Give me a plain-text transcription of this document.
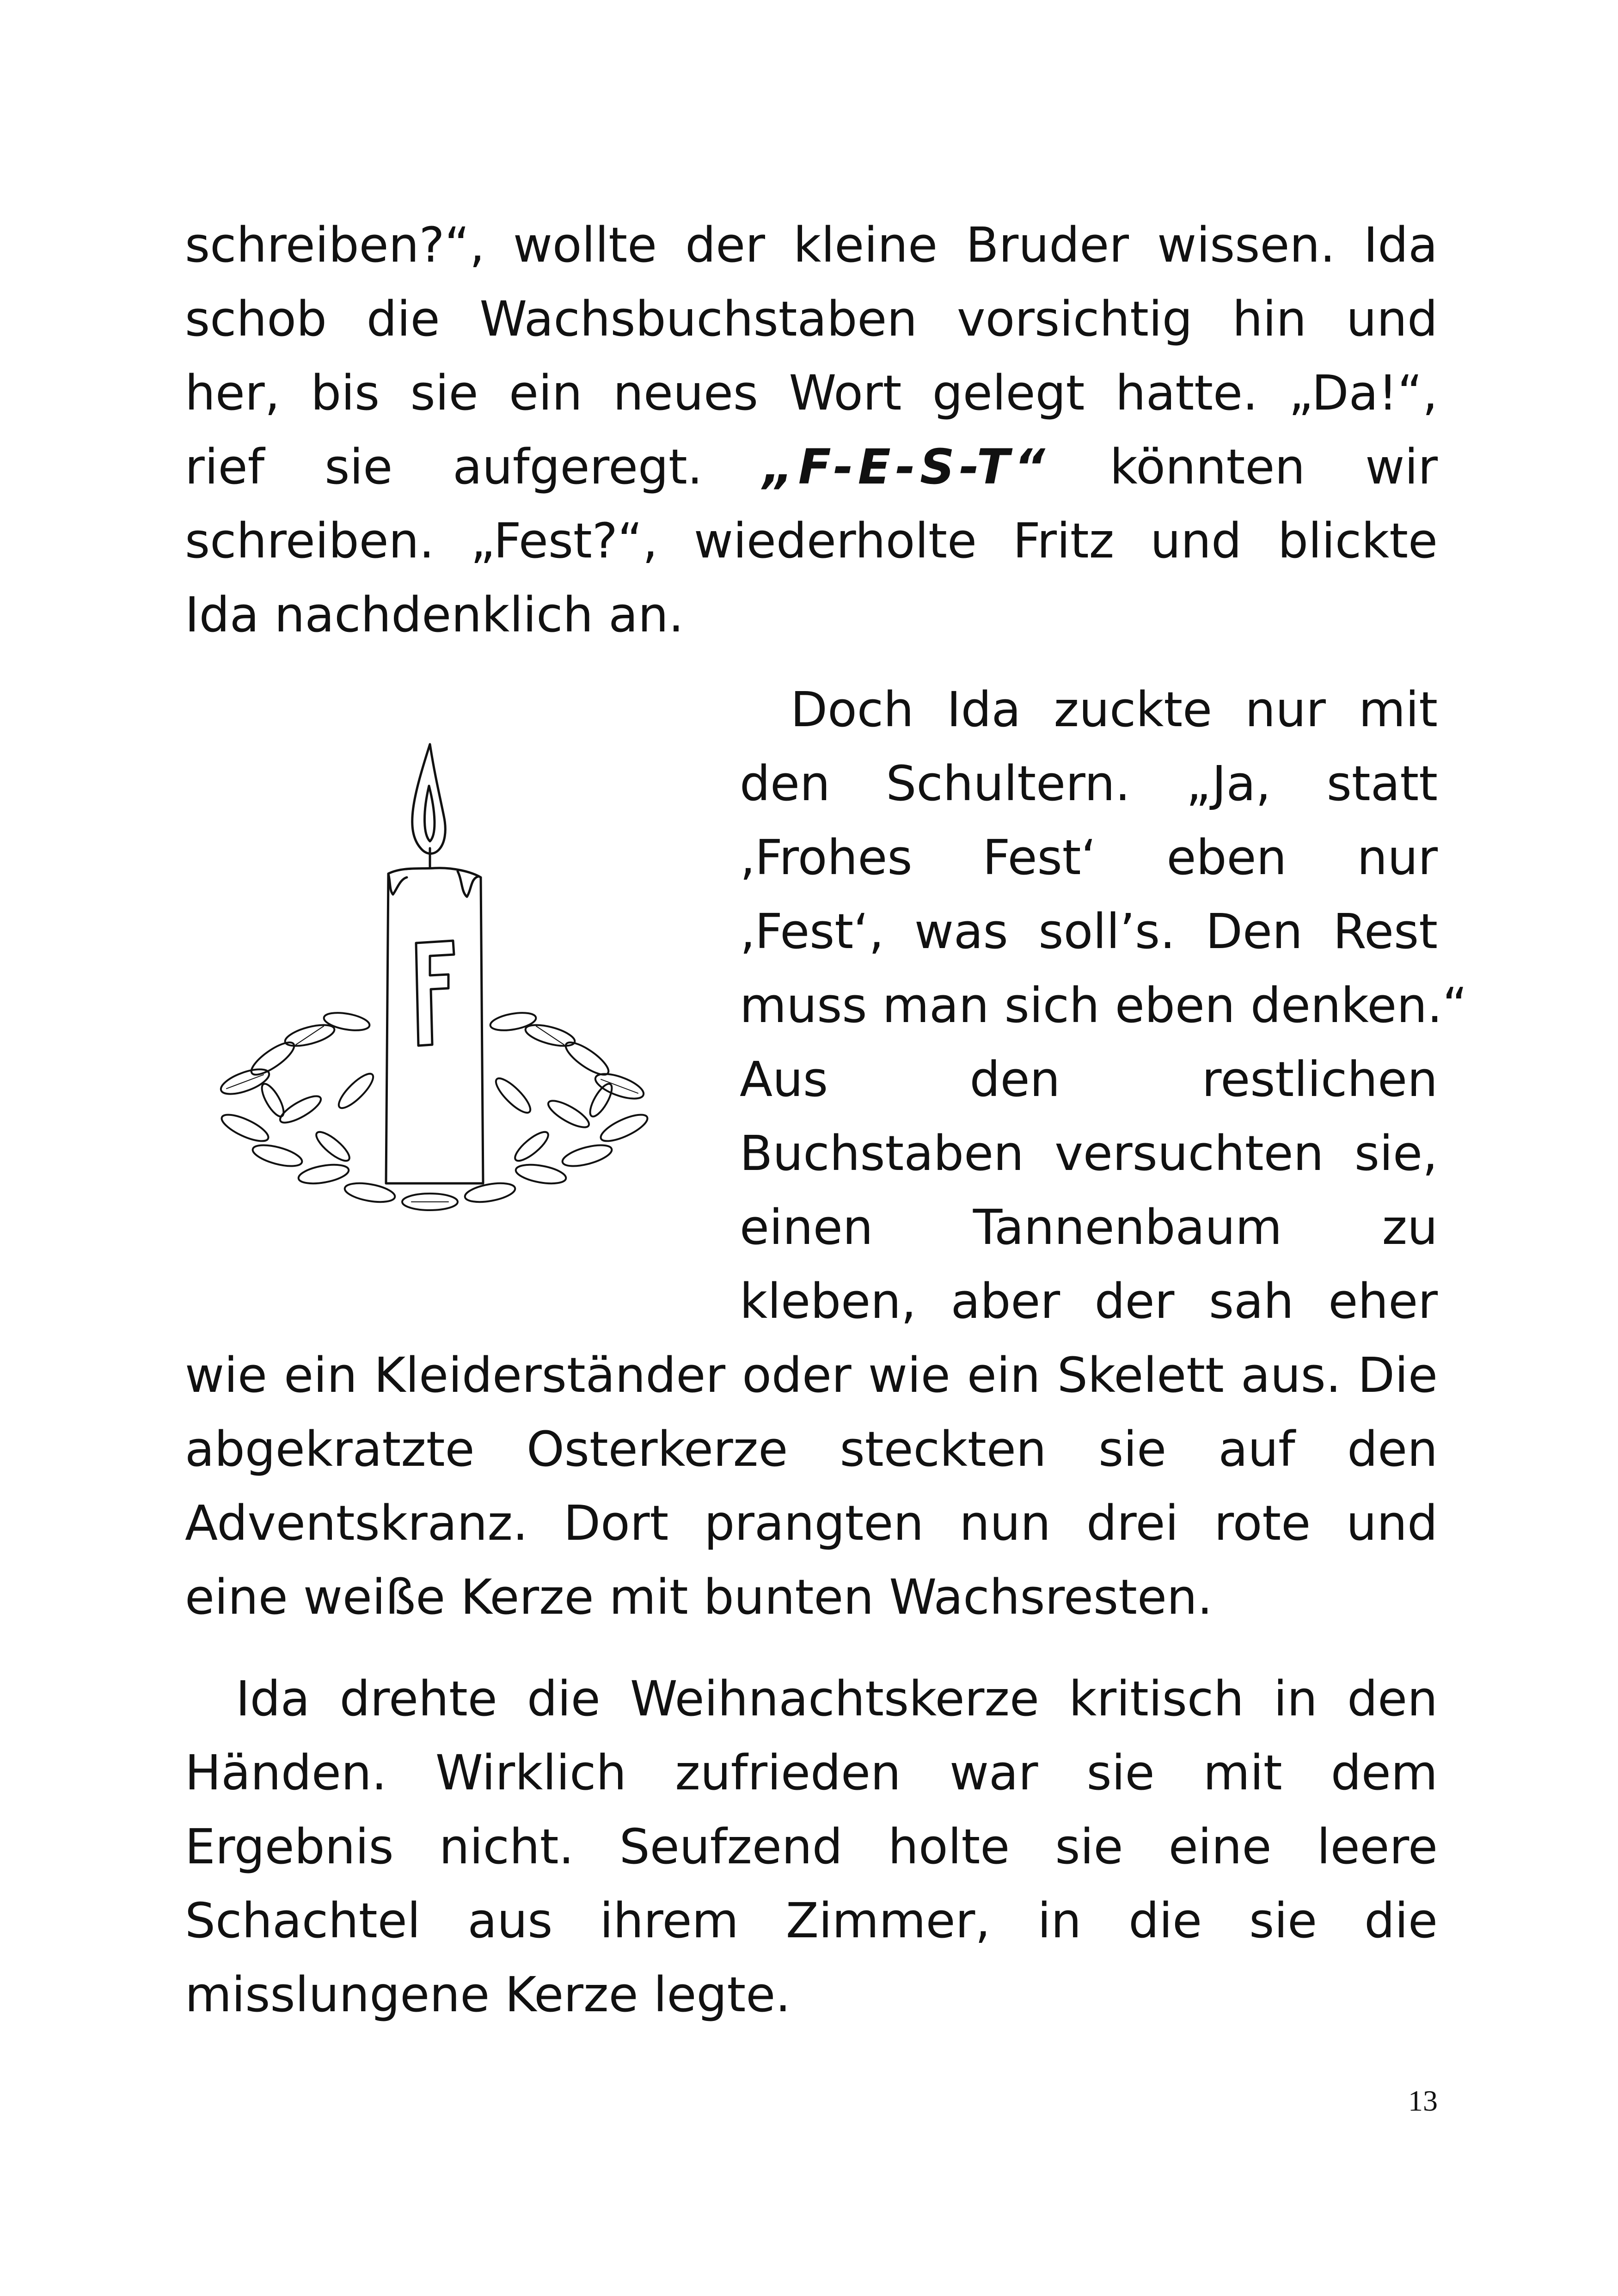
schreiben?“, wollte der kleine Bruder wissen. Ida
schob die Wachsbuchstaben vorsichtig hin und
her, bis sie ein neues Wort gelegt hatte. „Da!“,
rief sie aufgeregt. „F-E-S-T“ könnten wir
schreiben. „Fest?“, wiederholte Fritz und blickte
Ida nachdenklich an.
Doch Ida zuckte nur mit
den Schultern. „Ja, statt
‚Frohes Fest‘ eben nur
‚Fest‘, was soll’s. Den Rest
muss man sich eben denken.“
Aus den restlichen
Buchstaben versuchten sie,
einen Tannenbaum zu
kleben, aber der sah eher
wie ein Kleiderständer oder wie ein Skelett aus. Die
abgekratzte Osterkerze steckten sie auf den
Adventskranz. Dort prangten nun drei rote und
eine weiße Kerze mit bunten Wachsresten.
Ida drehte die Weihnachtskerze kritisch in den
Händen. Wirklich zufrieden war sie mit dem
Ergebnis nicht. Seufzend holte sie eine leere
Schachtel aus ihrem Zimmer, in die sie die
misslungene Kerze legte.
13
